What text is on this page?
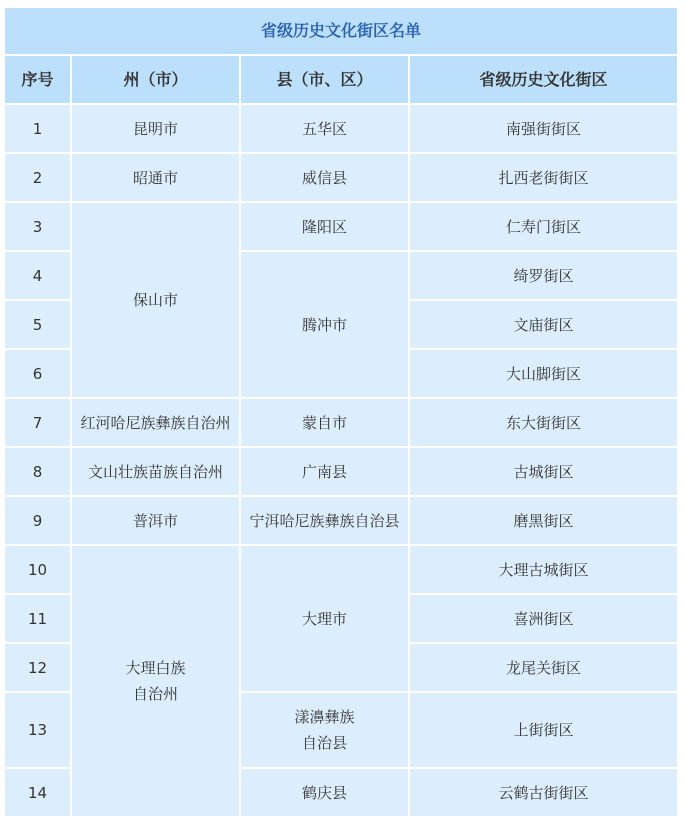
省级历史文化街区名单			
序号	州（市）	县（市、区）	省级历史文化街区
1	昆明市	五华区	南强街街区
2	昭通市	威信县	扎西老街街区
3	保山市	隆阳区	仁寿门街区
4		腾冲市	绮罗街区
5			文庙街区
6			大山脚街区
7	红河哈尼族彝族自治州	蒙自市	东大街街区
8	文山壮族苗族自治州	广南县	古城街区
9	普洱市	宁洱哈尼族彝族自治县	磨黑街区
10	大理白族
自治州	大理市	大理古城街区
11			喜洲街区
12			龙尾关街区
13		漾濞彝族
自治县	上街街区
14		鹤庆县	云鹤古街街区
